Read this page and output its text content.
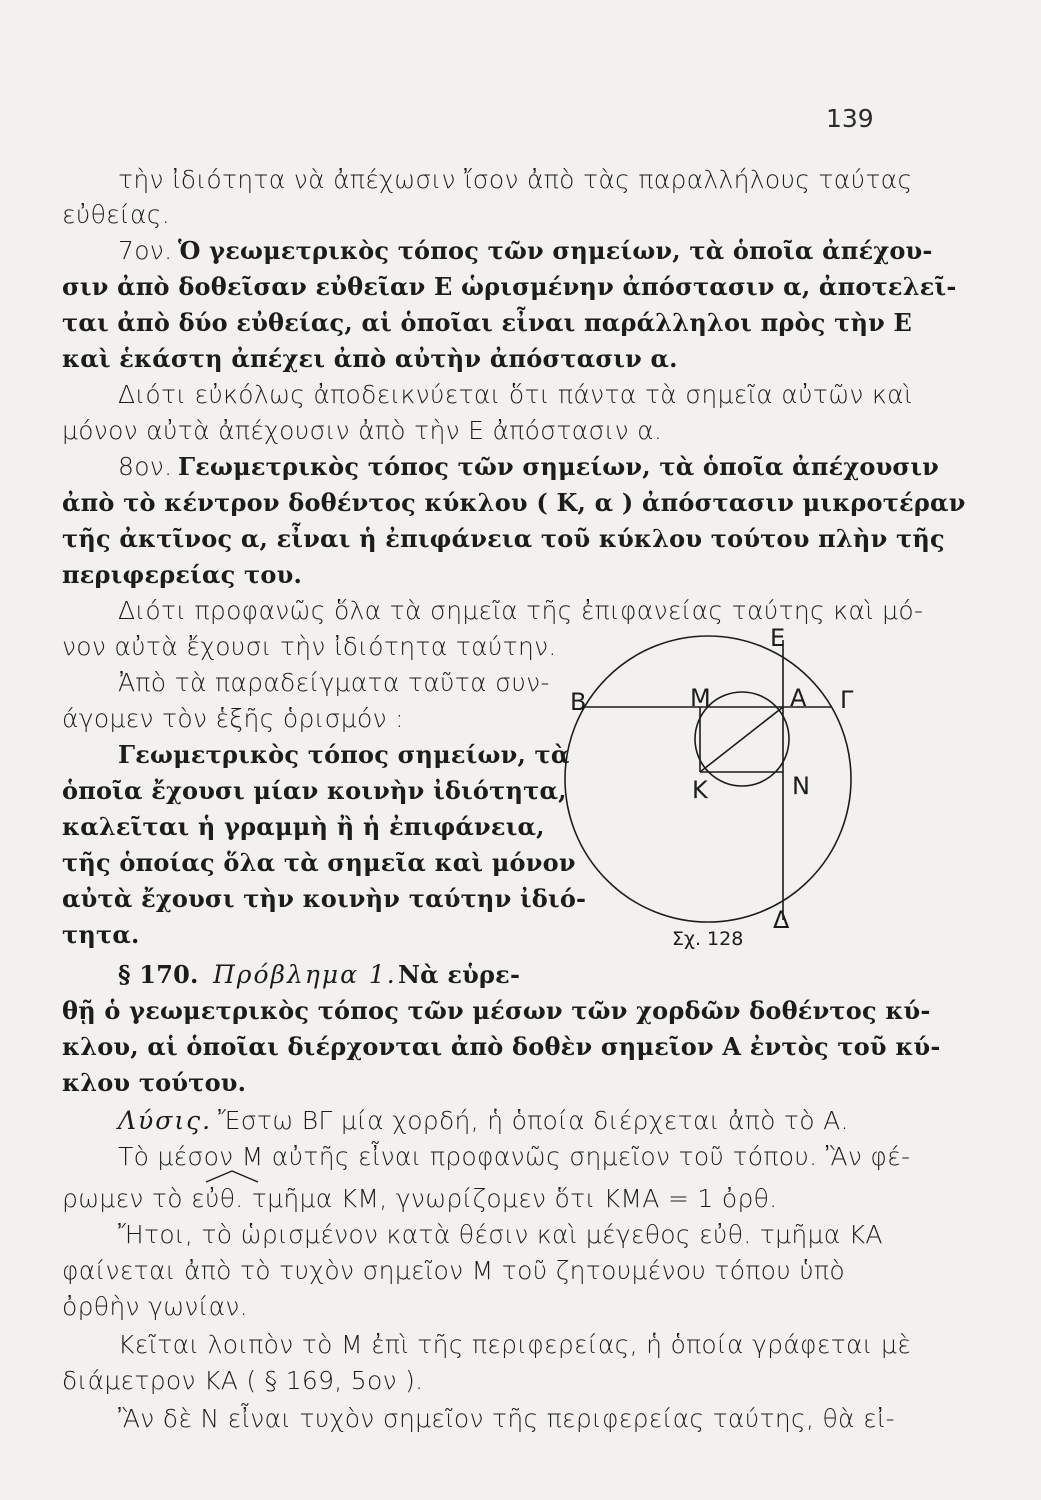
139
τὴν ἰδιότητα νὰ ἀπέχωσιν ἴσον ἀπὸ τὰς παραλλήλους ταύτας
εὐθείας.
7ον. Ὁ γεωμετρικὸς τόπος τῶν σημείων, τὰ ὁποῖα ἀπέχου-
σιν ἀπὸ δοθεῖσαν εὐθεῖαν Ε ὡρισμένην ἀπόστασιν α, ἀποτελεῖ-
ται ἀπὸ δύο εὐθείας, αἱ ὁποῖαι εἶναι παράλληλοι πρὸς τὴν Ε
καὶ ἑκάστη ἀπέχει ἀπὸ αὐτὴν ἀπόστασιν α.
Διότι εὐκόλως ἀποδεικνύεται ὅτι πάντα τὰ σημεῖα αὐτῶν καὶ
μόνον αὐτὰ ἀπέχουσιν ἀπὸ τὴν Ε ἀπόστασιν α.
8ον. Γεωμετρικὸς τόπος τῶν σημείων, τὰ ὁποῖα ἀπέχουσιν
ἀπὸ τὸ κέντρον δοθέντος κύκλου ( Κ, α ) ἀπόστασιν μικροτέραν
τῆς ἀκτῖνος α, εἶναι ἡ ἐπιφάνεια τοῦ κύκλου τούτου πλὴν τῆς
περιφερείας του.
Διότι προφανῶς ὅλα τὰ σημεῖα τῆς ἐπιφανείας ταύτης καὶ μό-
νον αὐτὰ ἔχουσι τὴν ἰδιότητα ταύτην.
Ἀπὸ τὰ παραδείγματα ταῦτα συν-
άγομεν τὸν ἑξῆς ὁρισμόν :
Γεωμετρικὸς τόπος σημείων, τὰ
ὁποῖα ἔχουσι μίαν κοινὴν ἰδιότητα,
καλεῖται ἡ γραμμὴ ἢ ἡ ἐπιφάνεια,
τῆς ὁποίας ὅλα τὰ σημεῖα καὶ μόνον
αὐτὰ ἔχουσι τὴν κοινὴν ταύτην ἰδιό-
τητα.
§ 170. Πρόβλημα 1. Νὰ εὑρε-
θῇ ὁ γεωμετρικὸς τόπος τῶν μέσων τῶν χορδῶν δοθέντος κύ-
κλου, αἱ ὁποῖαι διέρχονται ἀπὸ δοθὲν σημεῖον Α ἐντὸς τοῦ κύ-
κλου τούτου.
Λύσις. Ἔστω ΒΓ μία χορδή, ἡ ὁποία διέρχεται ἀπὸ τὸ Α.
Τὸ μέσον Μ αὐτῆς εἶναι προφανῶς σημεῖον τοῦ τόπου. Ἂν φέ-
ρωμεν τὸ εὐθ. τμῆμα ΚΜ, γνωρίζομεν ὅτι ΚΜΑ = 1 ὀρθ.
Ἤτοι, τὸ ὡρισμένον κατὰ θέσιν καὶ μέγεθος εὐθ. τμῆμα ΚΑ
φαίνεται ἀπὸ τὸ τυχὸν σημεῖον Μ τοῦ ζητουμένου τόπου ὑπὸ
ὀρθὴν γωνίαν.
Κεῖται λοιπὸν τὸ Μ ἐπὶ τῆς περιφερείας, ἡ ὁποία γράφεται μὲ
διάμετρον ΚΑ ( § 169, 5ον ).
Ἂν δὲ Ν εἶναι τυχὸν σημεῖον τῆς περιφερείας ταύτης, θὰ εἰ-
Ε
Β	Μ	Α Γ
Κ	Ν
Δ
Σχ. 128
